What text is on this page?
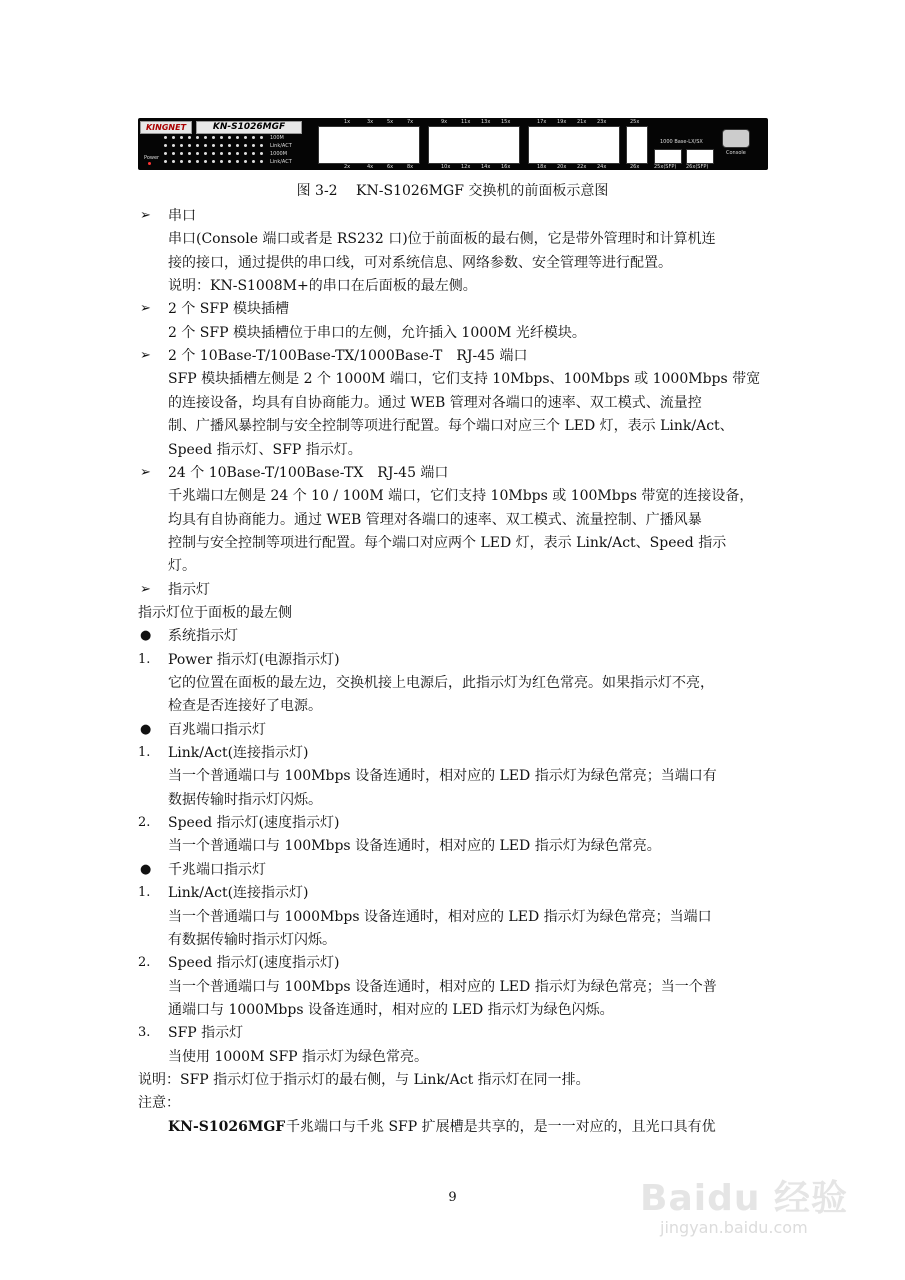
KINGNET	KN-S1026MGF
Power
100M
Link/ACT
1000M
Link/ACT
1000 Base-LX/SX
25x(SFP) 26x(SFP)
Console
1x	3x	5x	7x	9x	11x 13x 15x	17x 19x 21x 23x	25x
2x	4x	6x	8x	10x 12x 14x 16x	18x 20x 22x 24x	26x
图 3-2　 KN-S1026MGF 交换机的前面板示意图
串口
➢
串口(Console 端口或者是 RS232 口)位于前面板的最右侧，它是带外管理时和计算机连
接的接口，通过提供的串口线，可对系统信息、网络参数、安全管理等进行配置。
说明：KN-S1008M+的串口在后面板的最左侧。
2 个 SFP 模块插槽
➢
2 个 SFP 模块插槽位于串口的左侧，允许插入 1000M 光纤模块。
2 个 10Base-T/100Base-TX/1000Base-T　RJ-45 端口
➢
SFP 模块插槽左侧是 2 个 1000M 端口，它们支持 10Mbps、100Mbps 或 1000Mbps 带宽
的连接设备，均具有自协商能力。通过 WEB 管理对各端口的速率、双工模式、流量控
制、广播风暴控制与安全控制等项进行配置。每个端口对应三个 LED 灯，表示 Link/Act、
Speed 指示灯、SFP 指示灯。
24 个 10Base-T/100Base-TX　RJ-45 端口
➢
千兆端口左侧是 24 个 10 / 100M 端口，它们支持 10Mbps 或 100Mbps 带宽的连接设备，
均具有自协商能力。通过 WEB 管理对各端口的速率、双工模式、流量控制、广播风暴
控制与安全控制等项进行配置。每个端口对应两个 LED 灯，表示 Link/Act、Speed 指示
灯。
指示灯
➢
指示灯位于面板的最左侧
系统指示灯
●
Power 指示灯(电源指示灯)
1.
它的位置在面板的最左边，交换机接上电源后，此指示灯为红色常亮。如果指示灯不亮，
检查是否连接好了电源。
百兆端口指示灯
●
Link/Act(连接指示灯)
1.
当一个普通端口与 100Mbps 设备连通时，相对应的 LED 指示灯为绿色常亮；当端口有
数据传输时指示灯闪烁。
Speed 指示灯(速度指示灯)
2.
当一个普通端口与 100Mbps 设备连通时，相对应的 LED 指示灯为绿色常亮。
千兆端口指示灯
●
Link/Act(连接指示灯)
1.
当一个普通端口与 1000Mbps 设备连通时，相对应的 LED 指示灯为绿色常亮；当端口
有数据传输时指示灯闪烁。
Speed 指示灯(速度指示灯)
2.
当一个普通端口与 100Mbps 设备连通时，相对应的 LED 指示灯为绿色常亮；当一个普
通端口与 1000Mbps 设备连通时，相对应的 LED 指示灯为绿色闪烁。
SFP 指示灯
3.
当使用 1000M SFP 指示灯为绿色常亮。
说明：SFP 指示灯位于指示灯的最右侧，与 Link/Act 指示灯在同一排。
注意：
千兆端口与千兆 SFP 扩展槽是共享的，是一一对应的，且光口具有优
KN-S1026MGF
9	Baidu 经验
jingyan.baidu.com
